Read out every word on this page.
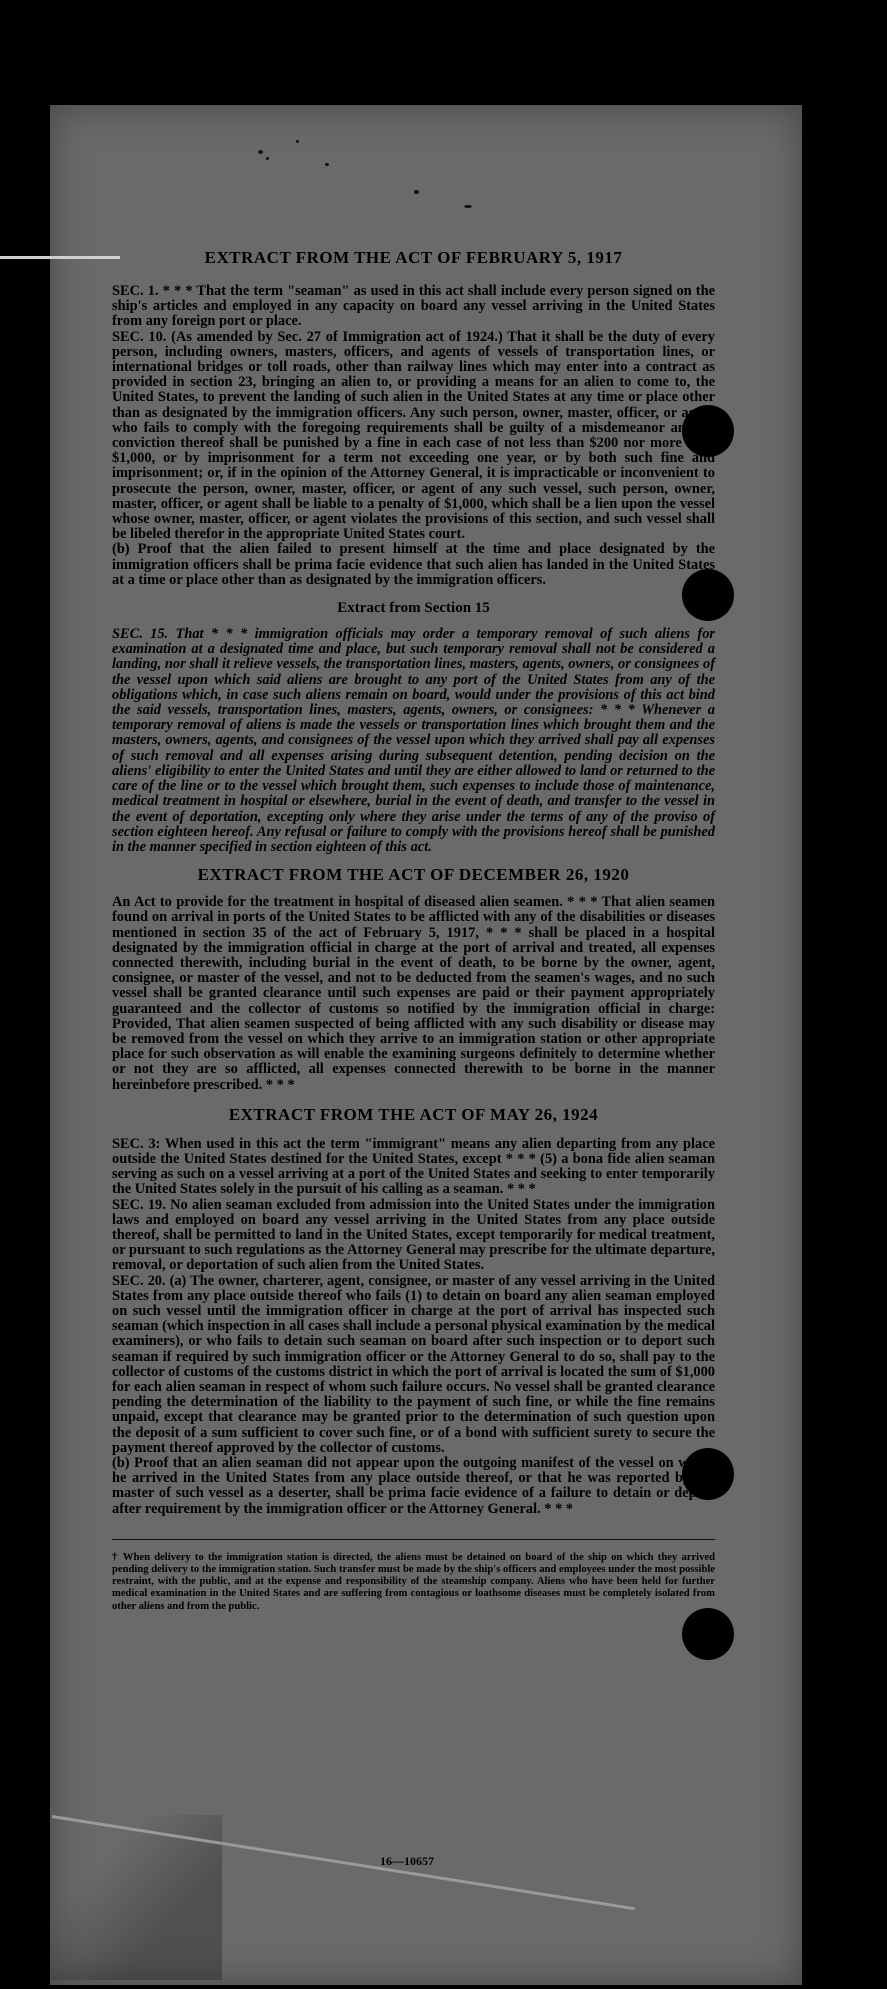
EXTRACT FROM THE ACT OF FEBRUARY 5, 1917

SEC. 1. * * * That the term "seaman" as used in this act shall include every person signed on the ship's articles and employed in any capacity on board any vessel arriving in the United States from any foreign port or place.

SEC. 10. (As amended by Sec. 27 of Immigration act of 1924.) That it shall be the duty of every person, including owners, masters, officers, and agents of vessels of transportation lines, or international bridges or toll roads, other than railway lines which may enter into a contract as provided in section 23, bringing an alien to, or providing a means for an alien to come to, the United States, to prevent the landing of such alien in the United States at any time or place other than as designated by the immigration officers. Any such person, owner, master, officer, or agent who fails to comply with the foregoing requirements shall be guilty of a misdemeanor and on conviction thereof shall be punished by a fine in each case of not less than $200 nor more than $1,000, or by imprisonment for a term not exceeding one year, or by both such fine and imprisonment; or, if in the opinion of the Attorney General, it is impracticable or inconvenient to prosecute the person, owner, master, officer, or agent of any such vessel, such person, owner, master, officer, or agent shall be liable to a penalty of $1,000, which shall be a lien upon the vessel whose owner, master, officer, or agent violates the provisions of this section, and such vessel shall be libeled therefor in the appropriate United States court.

(b) Proof that the alien failed to present himself at the time and place designated by the immigration officers shall be prima facie evidence that such alien has landed in the United States at a time or place other than as designated by the immigration officers.

Extract from Section 15

SEC. 15. That * * * immigration officials may order a temporary removal of such aliens for examination at a designated time and place, but such temporary removal shall not be considered a landing, nor shall it relieve vessels, the transportation lines, masters, agents, owners, or consignees of the vessel upon which said aliens are brought to any port of the United States from any of the obligations which, in case such aliens remain on board, would under the provisions of this act bind the said vessels, transportation lines, masters, agents, owners, or consignees: * * * Whenever a temporary removal of aliens is made the vessels or transportation lines which brought them and the masters, owners, agents, and consignees of the vessel upon which they arrived shall pay all expenses of such removal and all expenses arising during subsequent detention, pending decision on the aliens' eligibility to enter the United States and until they are either allowed to land or returned to the care of the line or to the vessel which brought them, such expenses to include those of maintenance, medical treatment in hospital or elsewhere, burial in the event of death, and transfer to the vessel in the event of deportation, excepting only where they arise under the terms of any of the proviso of section eighteen hereof. Any refusal or failure to comply with the provisions hereof shall be punished in the manner specified in section eighteen of this act.

EXTRACT FROM THE ACT OF DECEMBER 26, 1920

An Act to provide for the treatment in hospital of diseased alien seamen. * * * That alien seamen found on arrival in ports of the United States to be afflicted with any of the disabilities or diseases mentioned in section 35 of the act of February 5, 1917, * * * shall be placed in a hospital designated by the immigration official in charge at the port of arrival and treated, all expenses connected therewith, including burial in the event of death, to be borne by the owner, agent, consignee, or master of the vessel, and not to be deducted from the seamen's wages, and no such vessel shall be granted clearance until such expenses are paid or their payment appropriately guaranteed and the collector of customs so notified by the immigration official in charge: Provided, That alien seamen suspected of being afflicted with any such disability or disease may be removed from the vessel on which they arrive to an immigration station or other appropriate place for such observation as will enable the examining surgeons definitely to determine whether or not they are so afflicted, all expenses connected therewith to be borne in the manner hereinbefore prescribed. * * *

EXTRACT FROM THE ACT OF MAY 26, 1924

SEC. 3: When used in this act the term "immigrant" means any alien departing from any place outside the United States destined for the United States, except * * * (5) a bona fide alien seaman serving as such on a vessel arriving at a port of the United States and seeking to enter temporarily the United States solely in the pursuit of his calling as a seaman. * * *

SEC. 19. No alien seaman excluded from admission into the United States under the immigration laws and employed on board any vessel arriving in the United States from any place outside thereof, shall be permitted to land in the United States, except temporarily for medical treatment, or pursuant to such regulations as the Attorney General may prescribe for the ultimate departure, removal, or deportation of such alien from the United States.

SEC. 20. (a) The owner, charterer, agent, consignee, or master of any vessel arriving in the United States from any place outside thereof who fails (1) to detain on board any alien seaman employed on such vessel until the immigration officer in charge at the port of arrival has inspected such seaman (which inspection in all cases shall include a personal physical examination by the medical examiners), or who fails to detain such seaman on board after such inspection or to deport such seaman if required by such immigration officer or the Attorney General to do so, shall pay to the collector of customs of the customs district in which the port of arrival is located the sum of $1,000 for each alien seaman in respect of whom such failure occurs. No vessel shall be granted clearance pending the determination of the liability to the payment of such fine, or while the fine remains unpaid, except that clearance may be granted prior to the determination of such question upon the deposit of a sum sufficient to cover such fine, or of a bond with sufficient surety to secure the payment thereof approved by the collector of customs.

(b) Proof that an alien seaman did not appear upon the outgoing manifest of the vessel on which he arrived in the United States from any place outside thereof, or that he was reported by the master of such vessel as a deserter, shall be prima facie evidence of a failure to detain or deport after requirement by the immigration officer or the Attorney General. * * *

† When delivery to the immigration station is directed, the aliens must be detained on board of the ship on which they arrived pending delivery to the immigration station. Such transfer must be made by the ship's officers and employees under the most possible restraint, with the public, and at the expense and responsibility of the steamship company. Aliens who have been held for further medical examination in the United States and are suffering from contagious or loathsome diseases must be completely isolated from other aliens and from the public.

16—10657
